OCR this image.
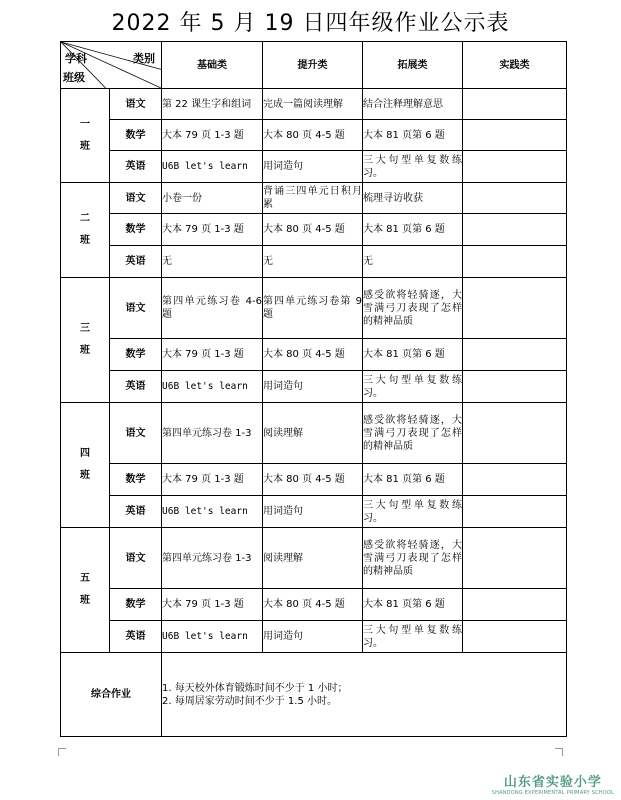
2022 年 5 月 19 日四年级作业公示表
类别
学科
班级		基础类	提升类	拓展类	实践类
一班	语文	第 22 课生字和组词	完成一篇阅读理解	结合注释理解意思	
	数学	大本 79 页 1-3 题	大本 80 页 4-5 题	大本 81 页第 6 题	
	英语	U6B let's learn	用词造句	三大句型单复数练习。	
二班	语文	小卷一份	背诵三四单元日积月累	梳理寻访收获	
	数学	大本 79 页 1-3 题	大本 80 页 4-5 题	大本 81 页第 6 题	
	英语	无	无	无	
三班	语文	第四单元练习卷 4-6 题	第四单元练习卷第 9 题	感受欲将轻骑逐，大雪满弓刀表现了怎样的精神品质	
	数学	大本 79 页 1-3 题	大本 80 页 4-5 题	大本 81 页第 6 题	
	英语	U6B let's learn	用词造句	三大句型单复数练习。	
四班	语文	第四单元练习卷 1-3	阅读理解	感受欲将轻骑逐，大雪满弓刀表现了怎样的精神品质	
	数学	大本 79 页 1-3 题	大本 80 页 4-5 题	大本 81 页第 6 题	
	英语	U6B let's learn	用词造句	三大句型单复数练习。	
五班	语文	第四单元练习卷 1-3	阅读理解	感受欲将轻骑逐，大雪满弓刀表现了怎样的精神品质	
	数学	大本 79 页 1-3 题	大本 80 页 4-5 题	大本 81 页第 6 题	
	英语	U6B let's learn	用词造句	三大句型单复数练习。	
综合作业		1. 每天校外体育锻炼时间不少于 1 小时；
2. 每周居家劳动时间不少于 1.5 小时。			
山东省实验小学
SHANDONG EXPERIMENTAL PRIMARY SCHOOL
